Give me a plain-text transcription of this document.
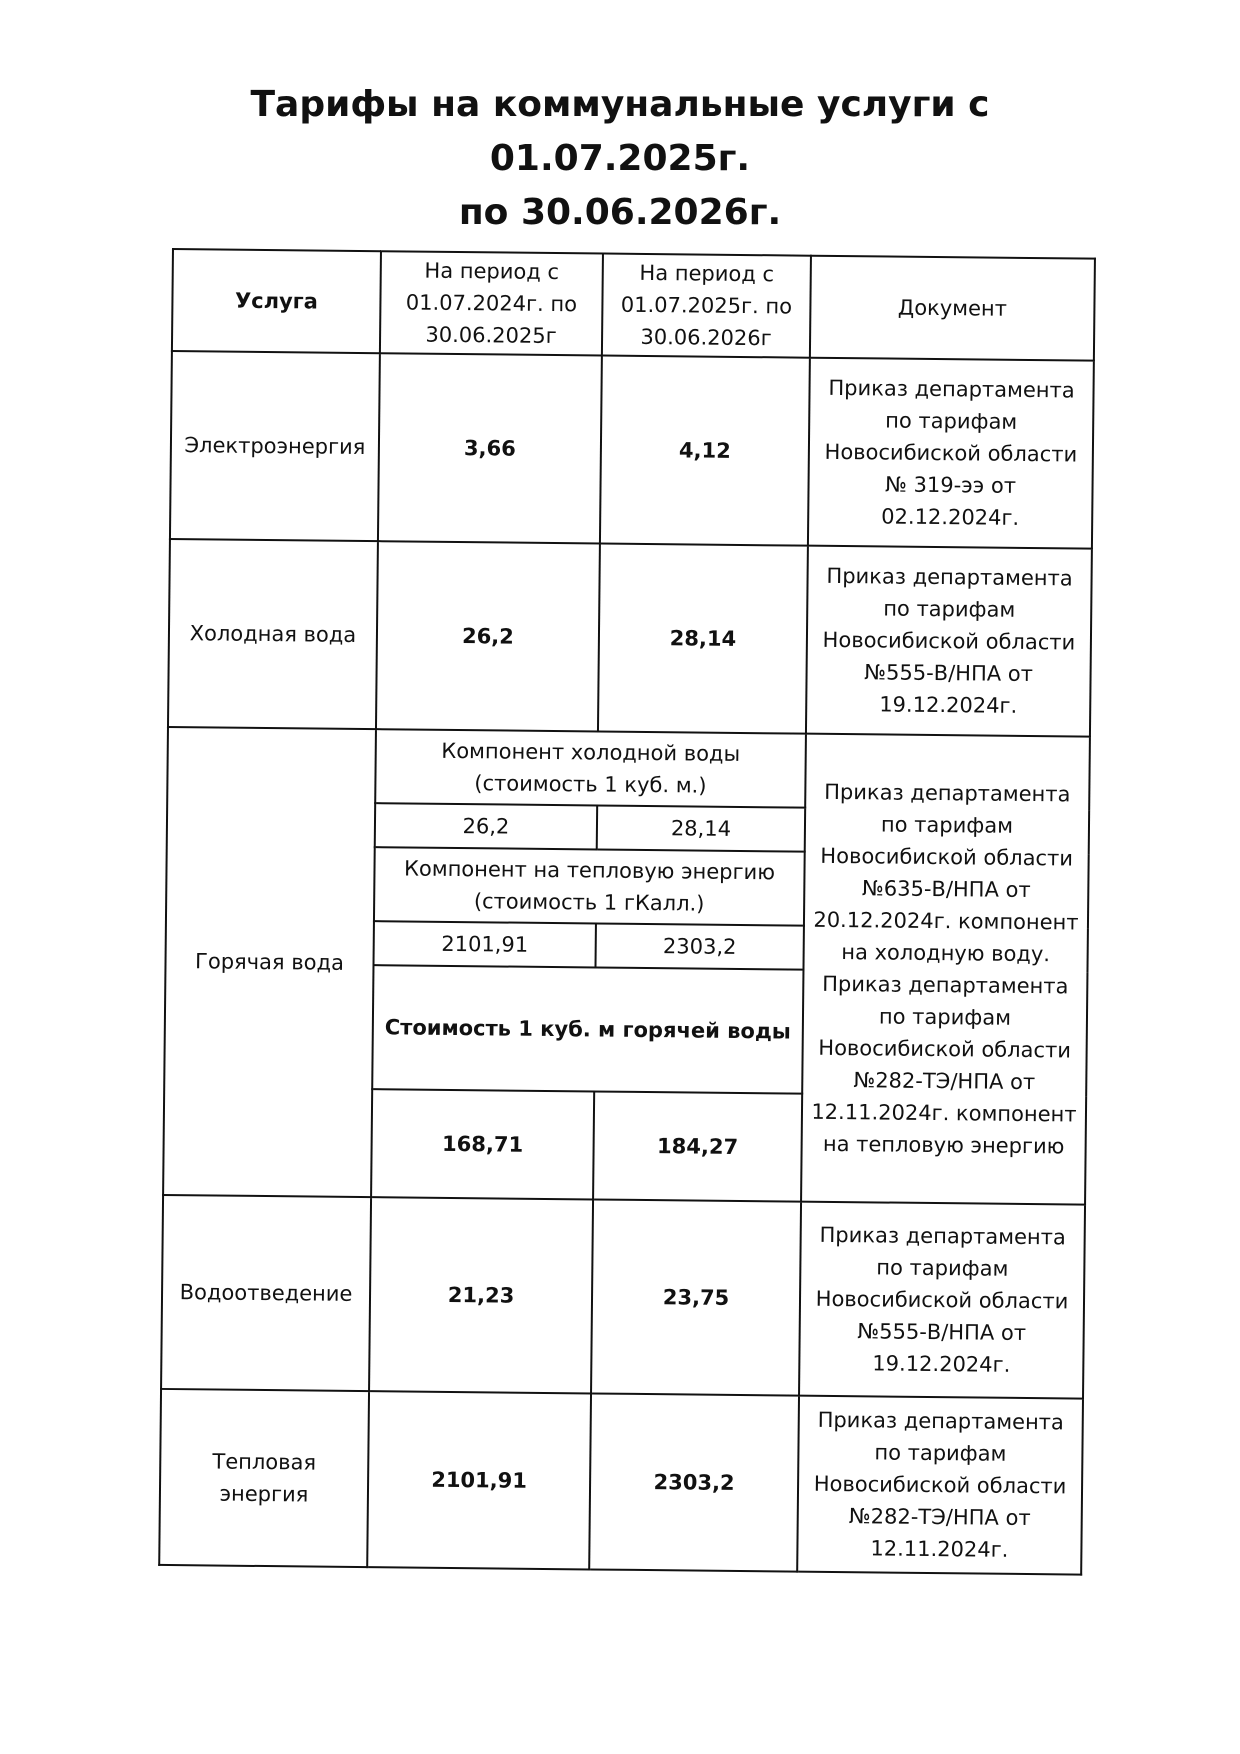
Тарифы на коммунальные услуги с 01.07.2025г.
по 30.06.2026г.
Услуга	На период с 01.07.2024г. по 30.06.2025г	На период с 01.07.2025г. по 30.06.2026г	Документ
Электроэнергия	3,66	4,12	Приказ департамента по тарифам Новосибиской области № 319-ээ от 02.12.2024г.
Холодная вода	26,2	28,14	Приказ департамента по тарифам Новосибиской области №555-В/НПА от 19.12.2024г.
Горячая вода	Компонент холодной воды (стоимость 1 куб. м.)		Приказ департамента по тарифам Новосибиской области №635-В/НПА от 20.12.2024г. компонент на холодную воду. Приказ департамента по тарифам Новосибиской области №282-ТЭ/НПА от 12.11.2024г. компонент на тепловую энергию
	26,2	28,14	
	Компонент на тепловую энергию (стоимость 1 гКалл.)		
	2101,91	2303,2	
	Стоимость 1 куб. м горячей воды		
	168,71	184,27	
Водоотведение	21,23	23,75	Приказ департамента по тарифам Новосибиской области №555-В/НПА от 19.12.2024г.
Тепловая энергия	2101,91	2303,2	Приказ департамента по тарифам Новосибиской области №282-ТЭ/НПА от 12.11.2024г.
